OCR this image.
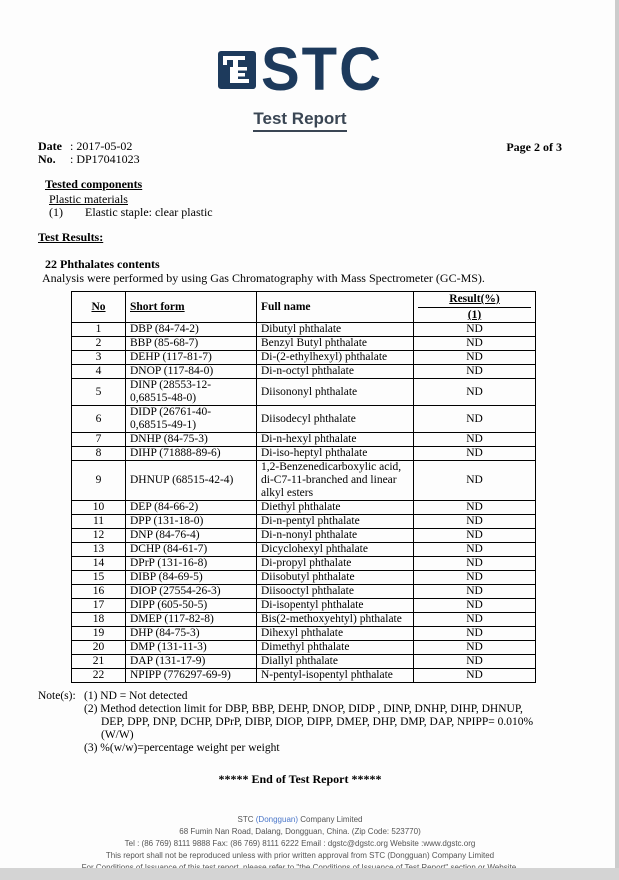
STC
Test Report
Date : 2017-05-02
No. : DP17041023
Page 2 of 3
Tested components
Plastic materials
(1) Elastic staple: clear plastic
Test Results:
22 Phthalates contents
Analysis were performed by using Gas Chromatography with Mass Spectrometer (GC-MS).
No	Short form	Full name	Result(%)
(1)

1	DBP (84-74-2)	Dibutyl phthalate	ND
2	BBP (85-68-7)	Benzyl Butyl phthalate	ND
3	DEHP (117-81-7)	Di-(2-ethylhexyl) phthalate	ND
4	DNOP (117-84-0)	Di-n-octyl phthalate	ND
5	DINP (28553-12-0,68515-48-0)	Diisononyl phthalate	ND
6	DIDP (26761-40-0,68515-49-1)	Diisodecyl phthalate	ND
7	DNHP (84-75-3)	Di-n-hexyl phthalate	ND
8	DIHP (71888-89-6)	Di-iso-heptyl phthalate	ND
9	DHNUP (68515-42-4)	1,2-Benzenedicarboxylic acid, di-C7-11-branched and linear alkyl esters	ND
10	DEP (84-66-2)	Diethyl phthalate	ND
11	DPP (131-18-0)	Di-n-pentyl phthalate	ND
12	DNP (84-76-4)	Di-n-nonyl phthalate	ND
13	DCHP (84-61-7)	Dicyclohexyl phthalate	ND
14	DPrP (131-16-8)	Di-propyl phthalate	ND
15	DIBP (84-69-5)	Diisobutyl phthalate	ND
16	DIOP (27554-26-3)	Diisooctyl phthalate	ND
17	DIPP (605-50-5)	Di-isopentyl phthalate	ND
18	DMEP (117-82-8)	Bis(2-methoxyehtyl) phthalate	ND
19	DHP (84-75-3)	Dihexyl phthalate	ND
20	DMP (131-11-3)	Dimethyl phthalate	ND
21	DAP (131-17-9)	Diallyl phthalate	ND
22	NPIPP (776297-69-9)	N-pentyl-isopentyl phthalate	ND
Note(s): (1) ND = Not detected
(2) Method detection limit for DBP, BBP, DEHP, DNOP, DIDP , DINP, DNHP, DIHP, DHNUP, DEP, DPP, DNP, DCHP, DPrP, DIBP, DIOP, DIPP, DMEP, DHP, DMP, DAP, NPIPP= 0.010% (W/W)
(3) %(w/w)=percentage weight per weight
***** End of Test Report *****
STC (Dongguan) Company Limited
68 Fumin Nan Road, Dalang, Dongguan, China. (Zip Code: 523770)
Tel : (86 769) 8111 9888 Fax: (86 769) 8111 6222 Email : dgstc@dgstc.org Website :www.dgstc.org
This report shall not be reproduced unless with prior written approval from STC (Dongguan) Company Limited
